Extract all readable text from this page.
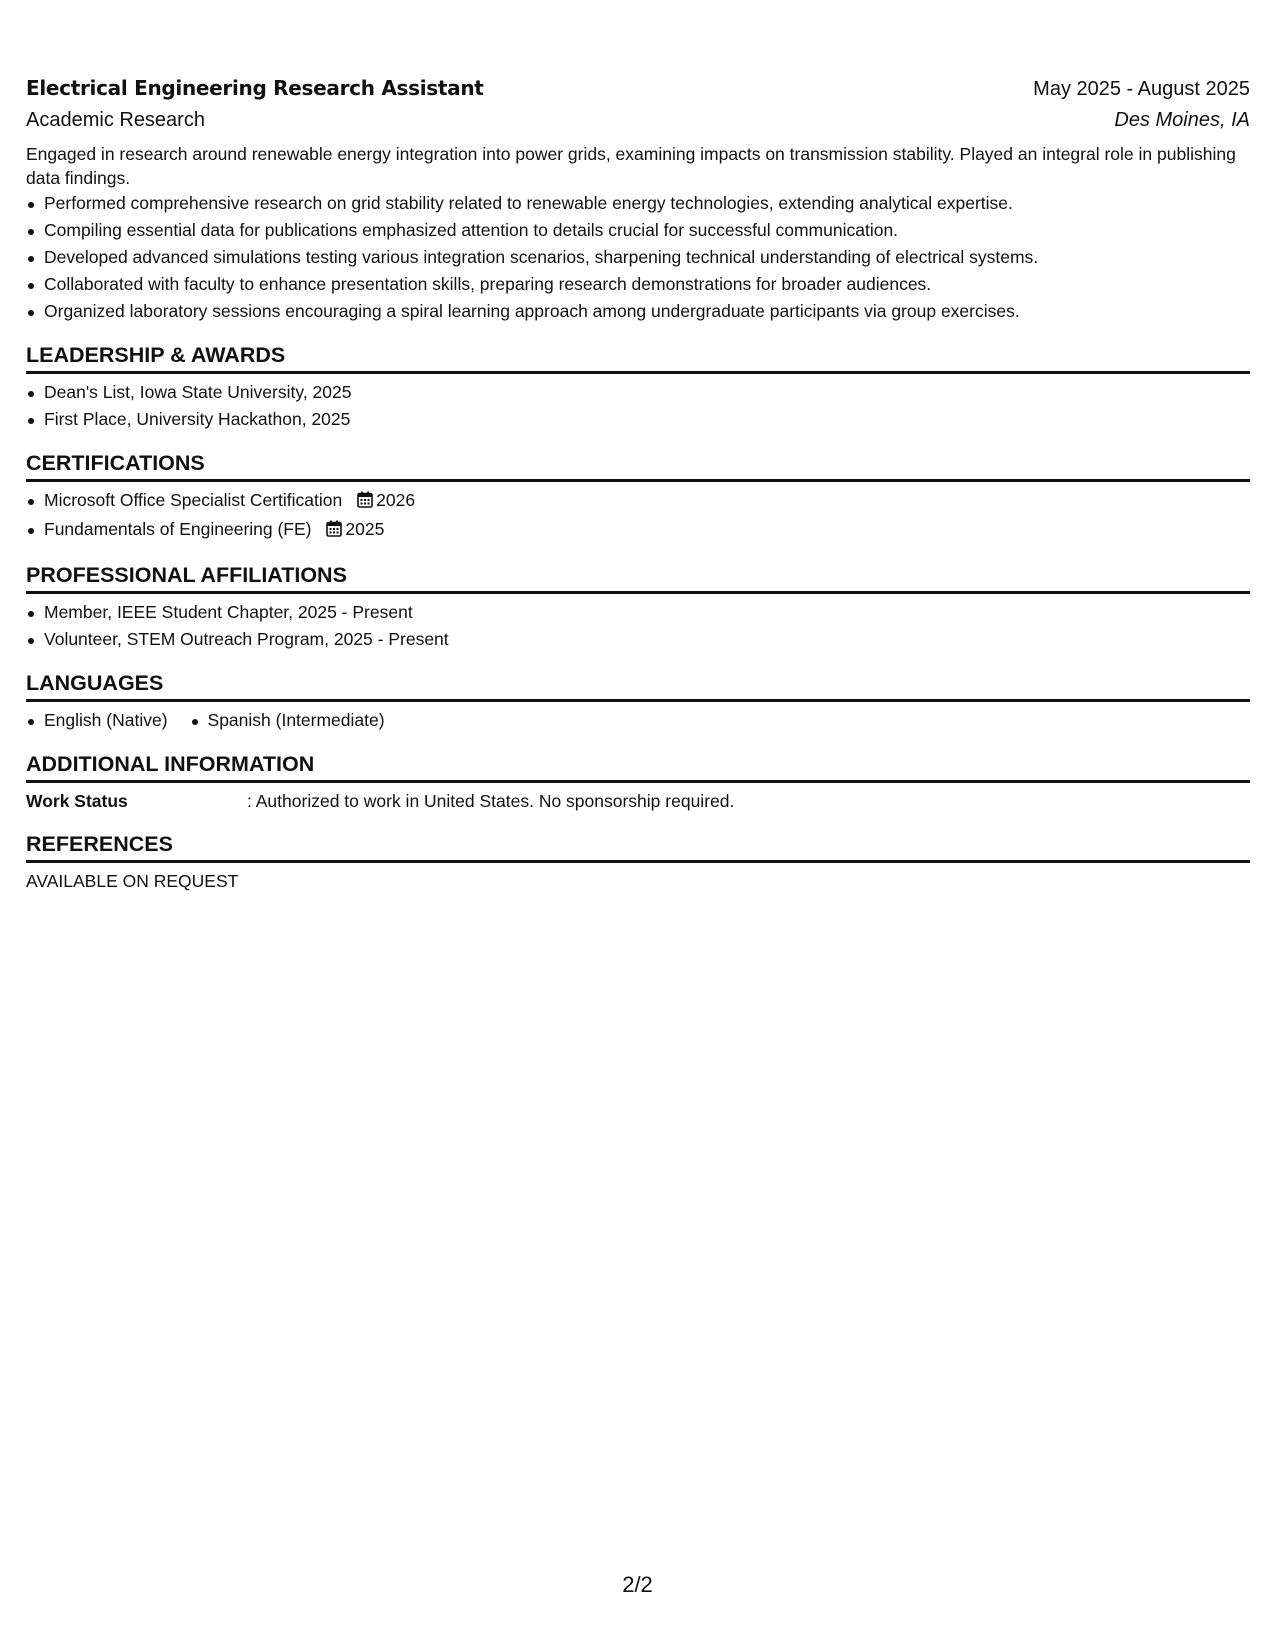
Electrical Engineering Research Assistant	May 2025 - August 2025
Academic Research	Des Moines, IA
Engaged in research around renewable energy integration into power grids, examining impacts on transmission stability. Played an integral role in publishing data findings.
Performed comprehensive research on grid stability related to renewable energy technologies, extending analytical expertise.
Compiling essential data for publications emphasized attention to details crucial for successful communication.
Developed advanced simulations testing various integration scenarios, sharpening technical understanding of electrical systems.
Collaborated with faculty to enhance presentation skills, preparing research demonstrations for broader audiences.
Organized laboratory sessions encouraging a spiral learning approach among undergraduate participants via group exercises.
LEADERSHIP & AWARDS
Dean's List, Iowa State University, 2025
First Place, University Hackathon, 2025
CERTIFICATIONS
Microsoft Office Specialist Certification 2026
Fundamentals of Engineering (FE) 2025
PROFESSIONAL AFFILIATIONS
Member, IEEE Student Chapter, 2025 - Present
Volunteer, STEM Outreach Program, 2025 - Present
LANGUAGES
English (Native) Spanish (Intermediate)
ADDITIONAL INFORMATION
Work Status	: Authorized to work in United States. No sponsorship required.
REFERENCES
AVAILABLE ON REQUEST
2/2
